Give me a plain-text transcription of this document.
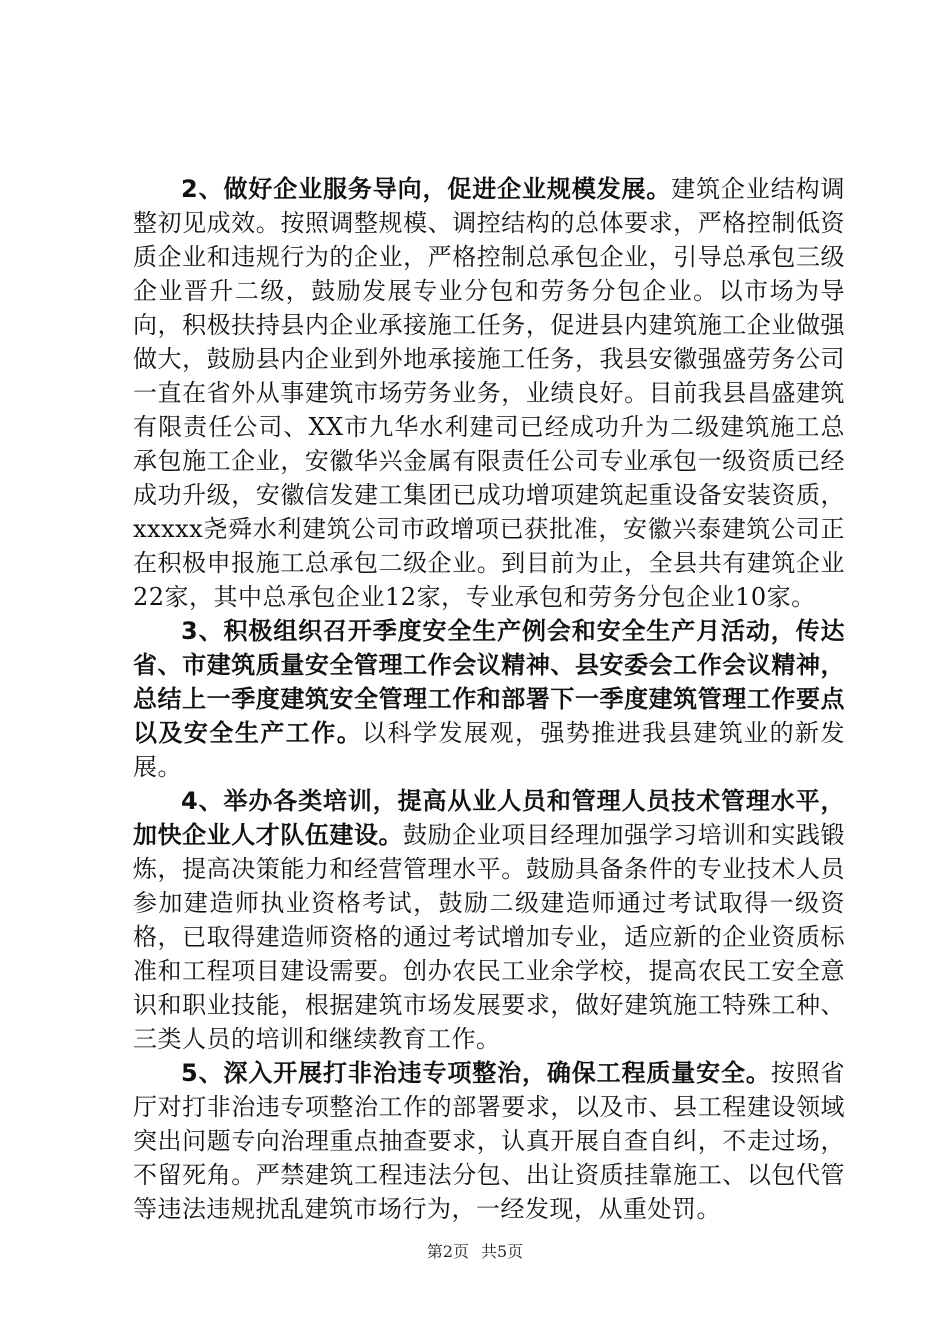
2、做好企业服务导向，促进企业规模发展。建筑企业结构调整初见成效。按照调整规模、调控结构的总体要求，严格控制低资质企业和违规行为的企业，严格控制总承包企业，引导总承包三级企业晋升二级，鼓励发展专业分包和劳务分包企业。以市场为导向，积极扶持县内企业承接施工任务，促进县内建筑施工企业做强做大，鼓励县内企业到外地承接施工任务，我县安徽强盛劳务公司一直在省外从事建筑市场劳务业务，业绩良好。目前我县昌盛建筑有限责任公司、XX市九华水利建司已经成功升为二级建筑施工总承包施工企业，安徽华兴金属有限责任公司专业承包一级资质已经成功升级，安徽信发建工集团已成功增项建筑起重设备安装资质，xxxxx尧舜水利建筑公司市政增项已获批准，安徽兴泰建筑公司正在积极申报施工总承包二级企业。到目前为止，全县共有建筑企业22家，其中总承包企业12家，专业承包和劳务分包企业10家。

3、积极组织召开季度安全生产例会和安全生产月活动，传达省、市建筑质量安全管理工作会议精神、县安委会工作会议精神，总结上一季度建筑安全管理工作和部署下一季度建筑管理工作要点以及安全生产工作。以科学发展观，强势推进我县建筑业的新发展。

4、举办各类培训，提高从业人员和管理人员技术管理水平，加快企业人才队伍建设。鼓励企业项目经理加强学习培训和实践锻炼，提高决策能力和经营管理水平。鼓励具备条件的专业技术人员参加建造师执业资格考试，鼓励二级建造师通过考试取得一级资格，已取得建造师资格的通过考试增加专业，适应新的企业资质标准和工程项目建设需要。创办农民工业余学校，提高农民工安全意识和职业技能，根据建筑市场发展要求，做好建筑施工特殊工种、三类人员的培训和继续教育工作。

5、深入开展打非治违专项整治，确保工程质量安全。按照省厅对打非治违专项整治工作的部署要求，以及市、县工程建设领域突出问题专向治理重点抽查要求，认真开展自查自纠，不走过场，不留死角。严禁建筑工程违法分包、出让资质挂靠施工、以包代管等违法违规扰乱建筑市场行为，一经发现，从重处罚。

第2页 共5页
